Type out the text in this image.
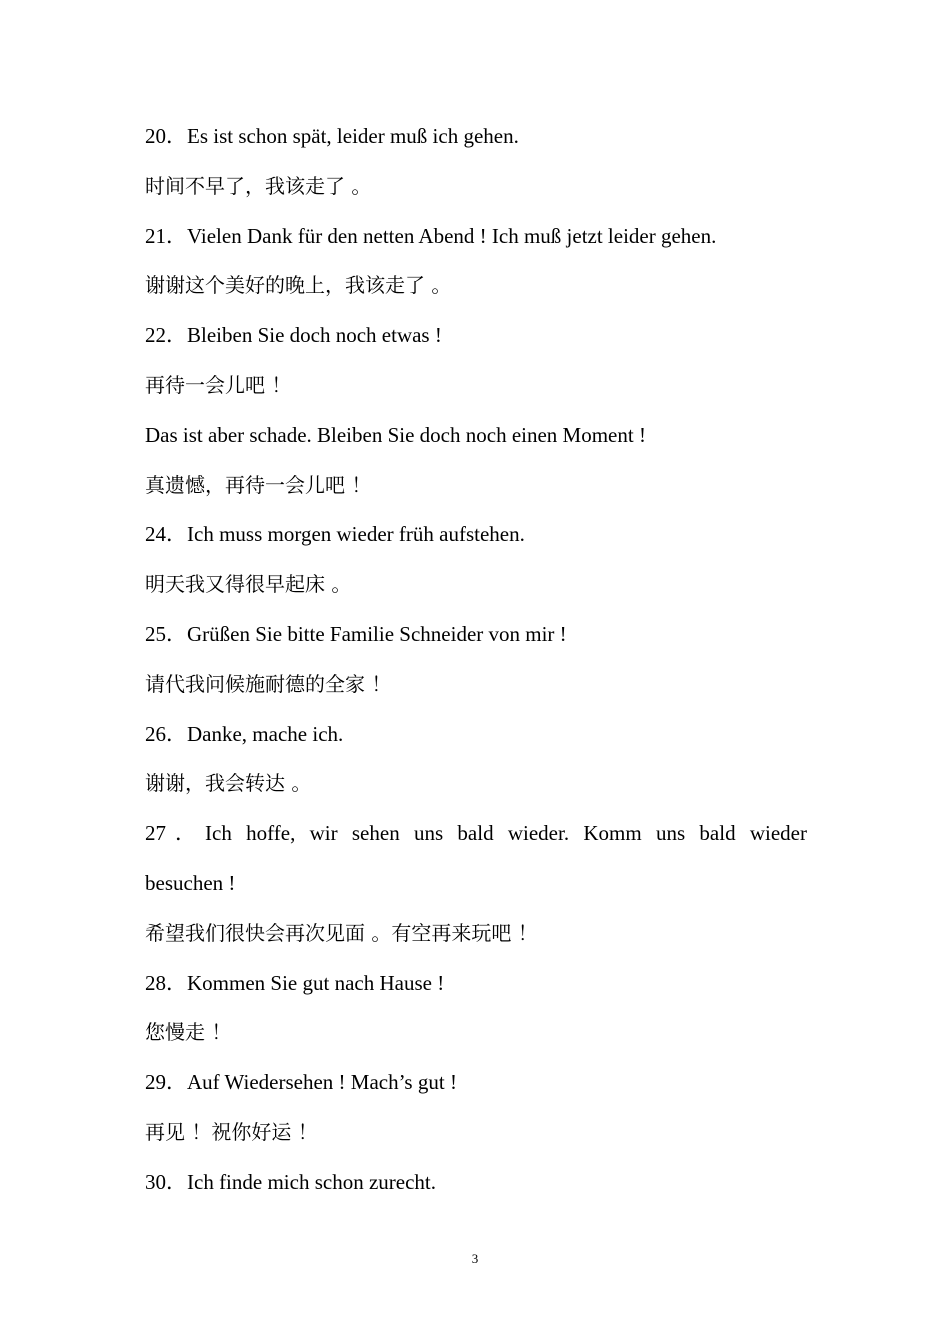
20．Es ist schon spät, leider muß ich gehen.
时间不早了，我该走了 。
21．Vielen Dank für den netten Abend ! Ich muß jetzt leider gehen.
谢谢这个美好的晚上，我该走了 。
22．Bleiben Sie doch noch etwas !
再待一会儿吧 ！
Das ist aber schade. Bleiben Sie doch noch einen Moment !
真遗憾，再待一会儿吧 ！
24．Ich muss morgen wieder früh aufstehen.
明天我又得很早起床 。
25．Grüßen Sie bitte Familie Schneider von mir !
请代我问候施耐德的全家 ！
26．Danke, mache ich.
谢谢，我会转达 。
27．Ich hoffe, wir sehen uns bald wieder. Komm uns bald wieder
besuchen !
希望我们很快会再次见面 。有空再来玩吧 ！
28．Kommen Sie gut nach Hause !
您慢走 ！
29．Auf Wiedersehen ! Mach’s gut !
再见 ！祝你好运 ！
30．Ich finde mich schon zurecht.
3
